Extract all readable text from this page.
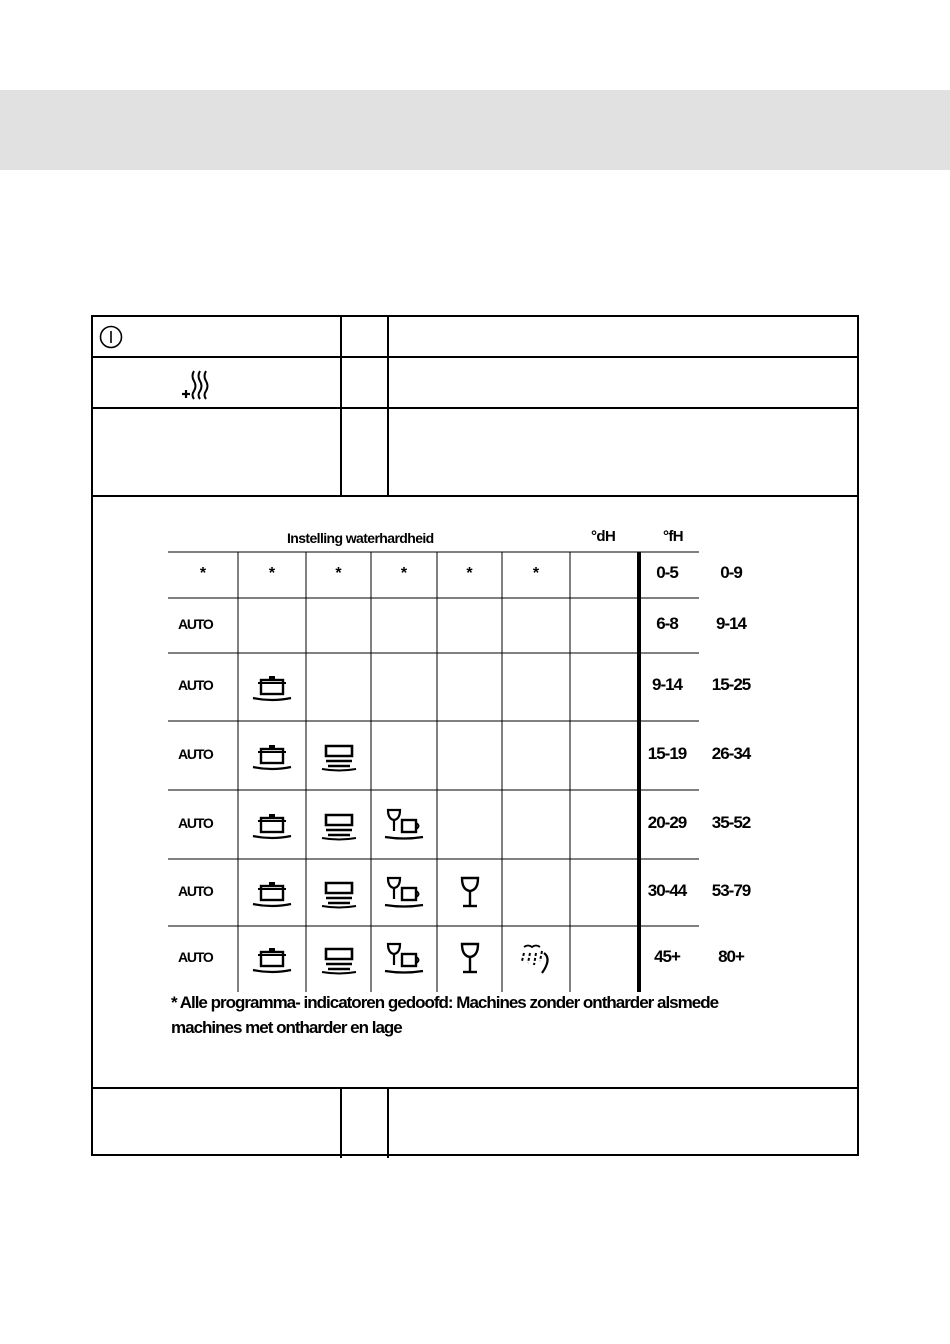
Instelling waterhardheid	°dH	°fH
*	*	*	*	*	*	0-5	0-9
AUTO	6-8	9-14
AUTO	9-14	15-25
AUTO	15-19	26-34
AUTO	20-29	35-52
AUTO	30-44	53-79
AUTO	45+	80+
* Alle programma- indicatoren gedoofd: Machines zonder ontharder alsmede machines met ontharder en lage
